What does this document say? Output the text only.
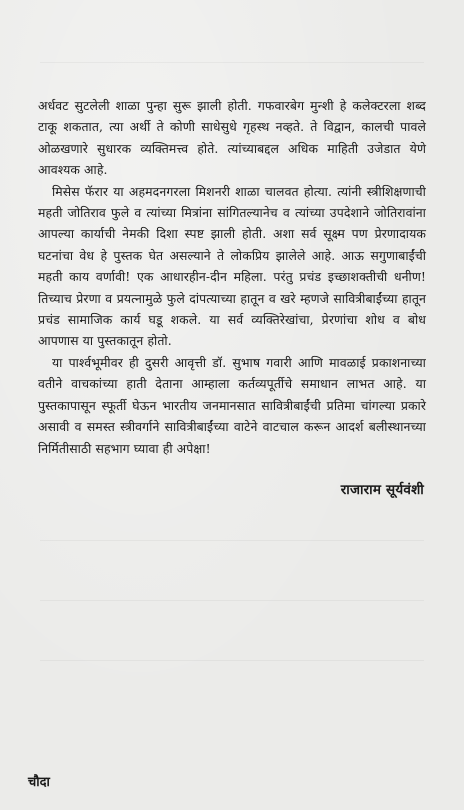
अर्धवट सुटलेली शाळा पुन्हा सुरू झाली होती. गफवारबेग मुन्शी हे कलेक्टरला शब्द टाकू शकतात, त्या अर्थी ते कोणी साधेसुधे गृहस्थ नव्हते. ते विद्वान, कालची पावले ओळखणारे सुधारक व्यक्तिमत्त्व होते. त्यांच्याबद्दल अधिक माहिती उजेडात येणे आवश्यक आहे.

मिसेस फॅरार या अहमदनगरला मिशनरी शाळा चालवत होत्या. त्यांनी स्त्रीशिक्षणाची महती जोतिराव फुले व त्यांच्या मित्रांना सांगितल्यानेच व त्यांच्या उपदेशाने जोतिरावांना आपल्या कार्याची नेमकी दिशा स्पष्ट झाली होती. अशा सर्व सूक्ष्म पण प्रेरणादायक घटनांचा वेध हे पुस्तक घेत असल्याने ते लोकप्रिय झालेले आहे. आऊ सगुणाबाईंची महती काय वर्णावी! एक आधारहीन-दीन महिला. परंतु प्रचंड इच्छाशक्तीची धनीण! तिच्याच प्रेरणा व प्रयत्नामुळे फुले दांपत्याच्या हातून व खरे म्हणजे सावित्रीबाईंच्या हातून प्रचंड सामाजिक कार्य घडू शकले. या सर्व व्यक्तिरेखांचा, प्रेरणांचा शोध व बोध आपणास या पुस्तकातून होतो.

या पार्श्वभूमीवर ही दुसरी आवृत्ती डॉ. सुभाष गवारी आणि मावळाई प्रकाशनाच्या वतीने वाचकांच्या हाती देताना आम्हाला कर्तव्यपूर्तीचे समाधान लाभत आहे. या पुस्तकापासून स्फूर्ती घेऊन भारतीय जनमानसात सावित्रीबाईंची प्रतिमा चांगल्या प्रकारे असावी व समस्त स्त्रीवर्गाने सावित्रीबाईंच्या वाटेने वाटचाल करून आदर्श बलीस्थानच्या निर्मितीसाठी सहभाग घ्यावा ही अपेक्षा!

राजाराम सूर्यवंशी
चौदा
